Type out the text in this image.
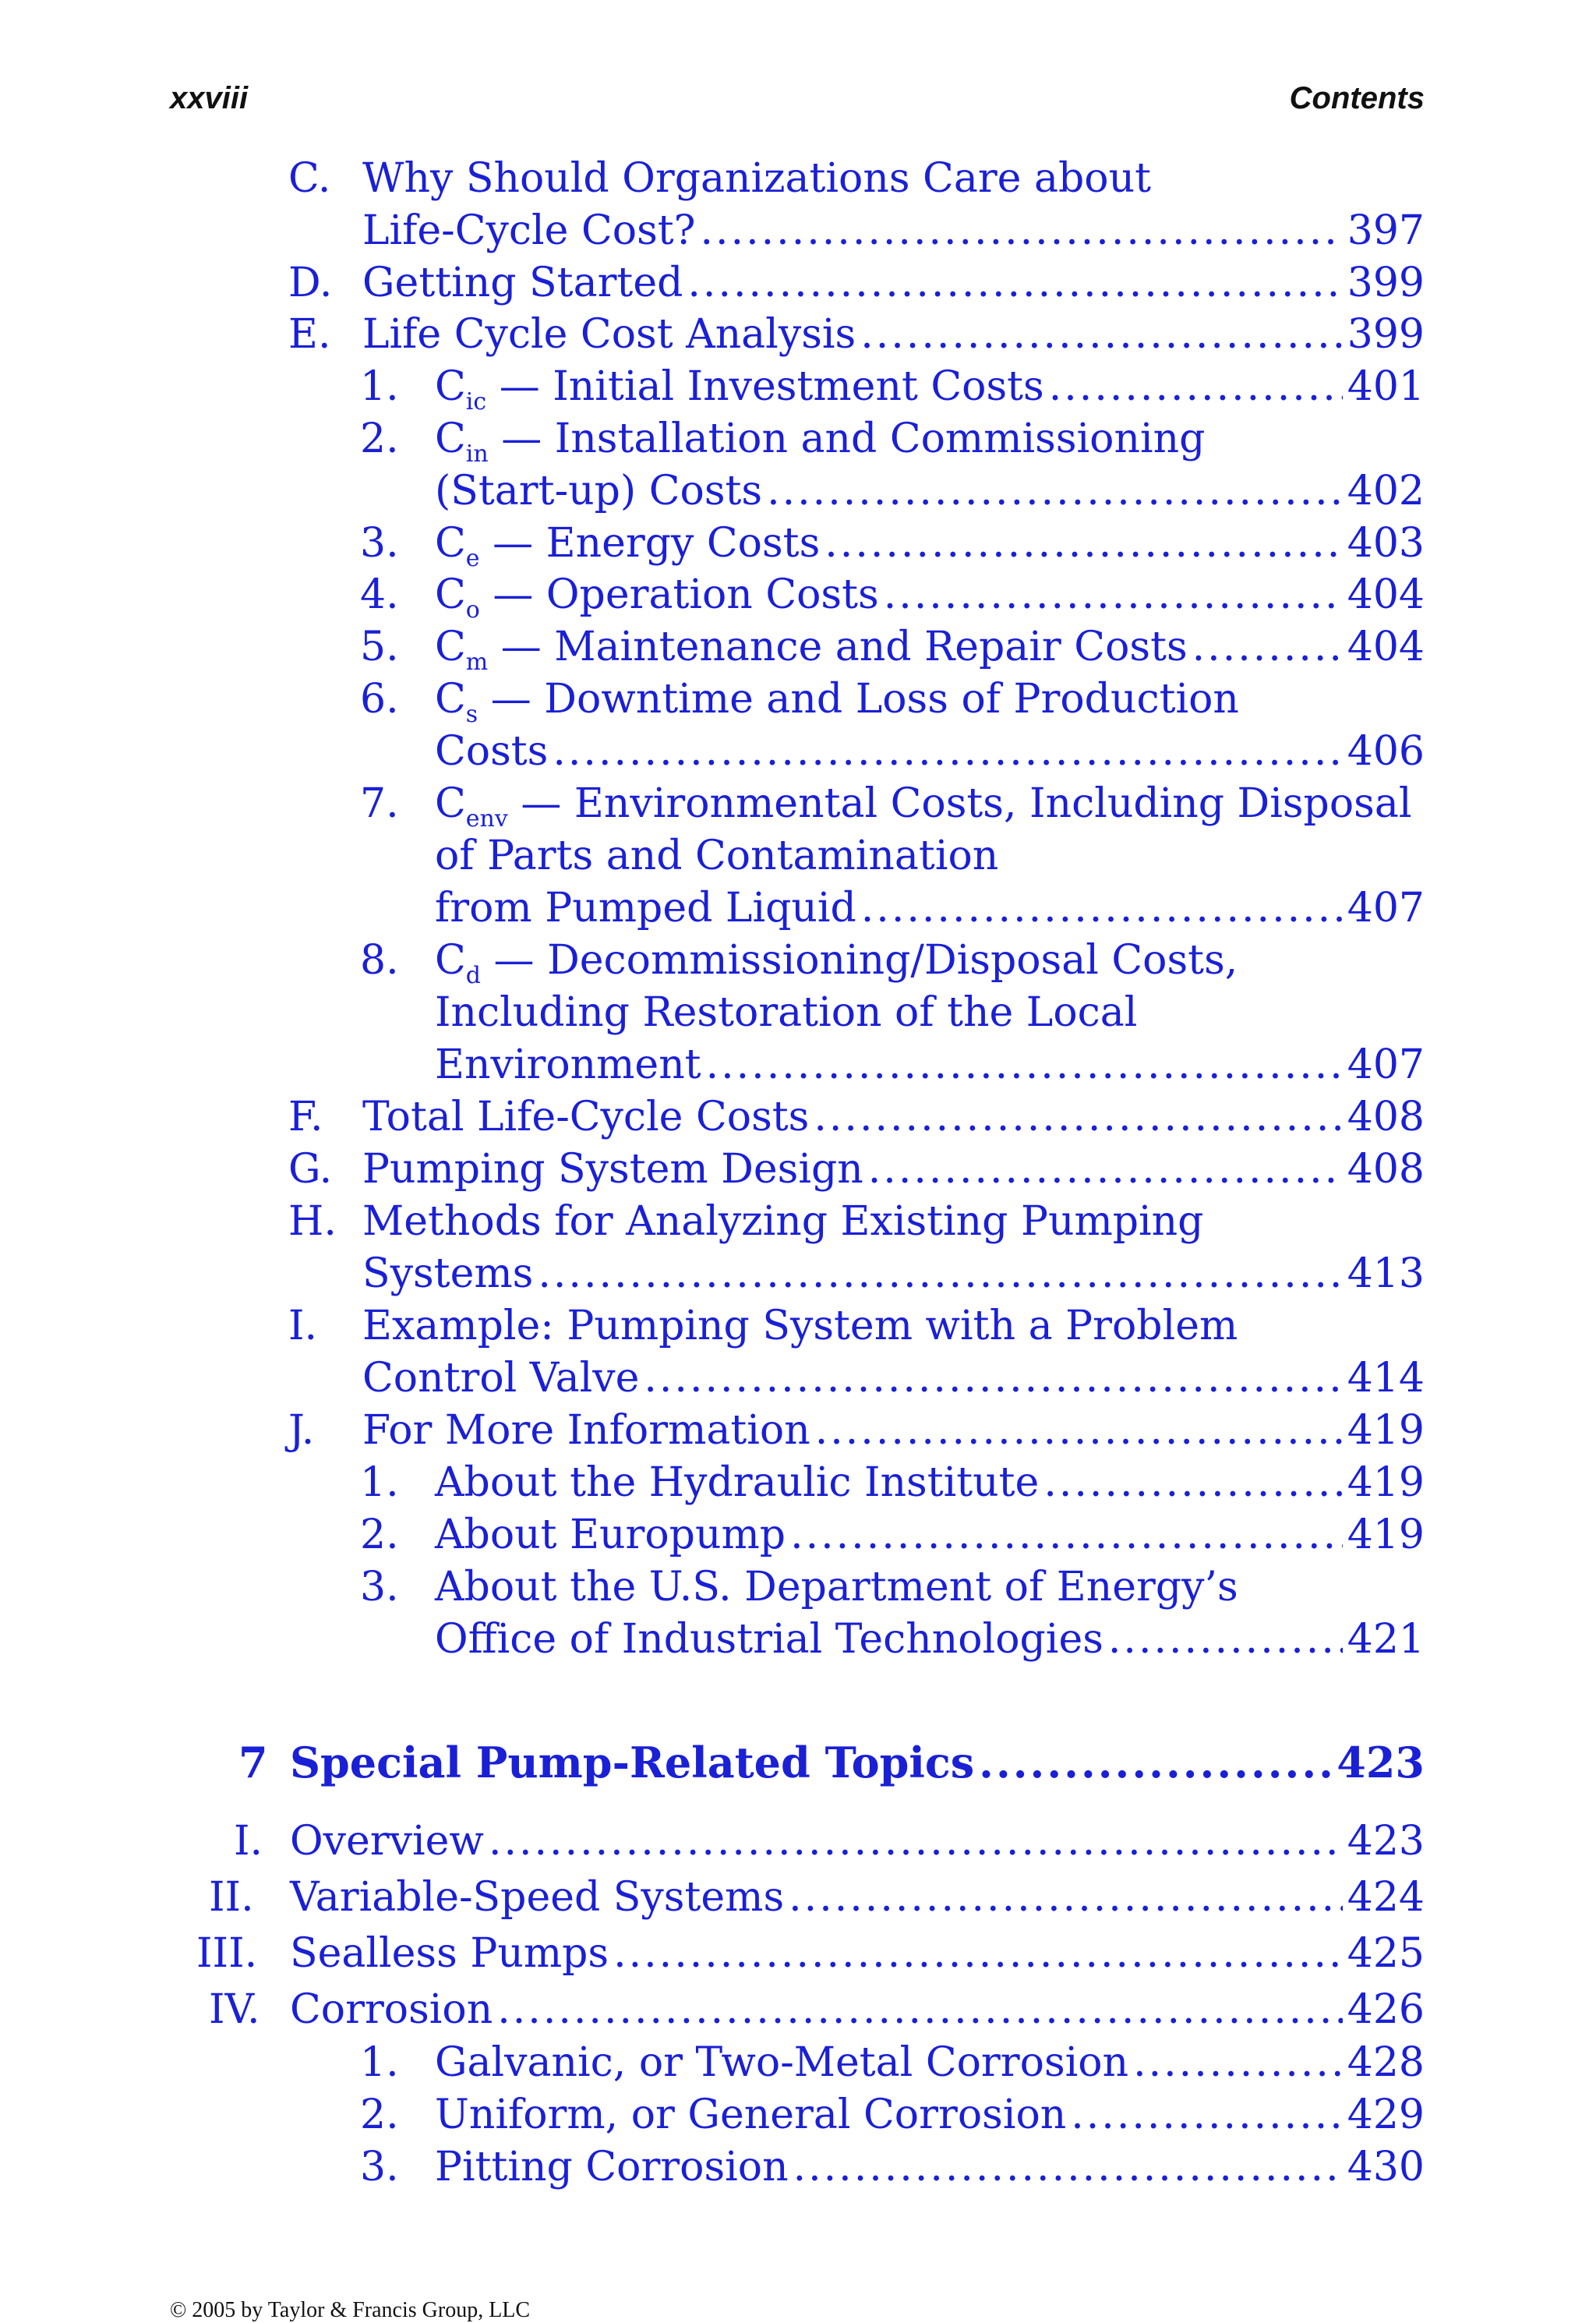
xxviii	Contents
C. Why Should Organizations Care about
Life-Cycle Cost? .....	397
D. Getting Started .....	399
E. Life Cycle Cost Analysis .....	399
1. $C_{ic}$ — Initial Investment Costs .....	401
2. $C_{in}$ — Installation and Commissioning
(Start-up) Costs .....	402
3. $C_e$ — Energy Costs .....	403
4. $C_o$ — Operation Costs .....	404
5. $C_m$ — Maintenance and Repair Costs .....	404
6. $C_s$ — Downtime and Loss of Production
Costs .....	406
7. $C_{env}$ — Environmental Costs, Including Disposal
of Parts and Contamination
from Pumped Liquid .....	407
8. $C_d$ — Decommissioning/Disposal Costs,
Including Restoration of the Local
Environment .....	407
F. Total Life-Cycle Costs .....	408
G. Pumping System Design .....	408
H. Methods for Analyzing Existing Pumping
Systems .....	413
I. Example: Pumping System with a Problem
Control Valve .....	414
J. For More Information .....	419
1. About the Hydraulic Institute .....	419
2. About Europump .....	419
3. About the U.S. Department of Energy’s
Office of Industrial Technologies .....	421
7 Special Pump-Related Topics .....	423
I. Overview .....	423
II. Variable-Speed Systems .....	424
III. Sealless Pumps .....	425
IV. Corrosion .....	426
1. Galvanic, or Two-Metal Corrosion .....	428
2. Uniform, or General Corrosion .....	429
3. Pitting Corrosion .....	430
© 2005 by Taylor & Francis Group, LLC
